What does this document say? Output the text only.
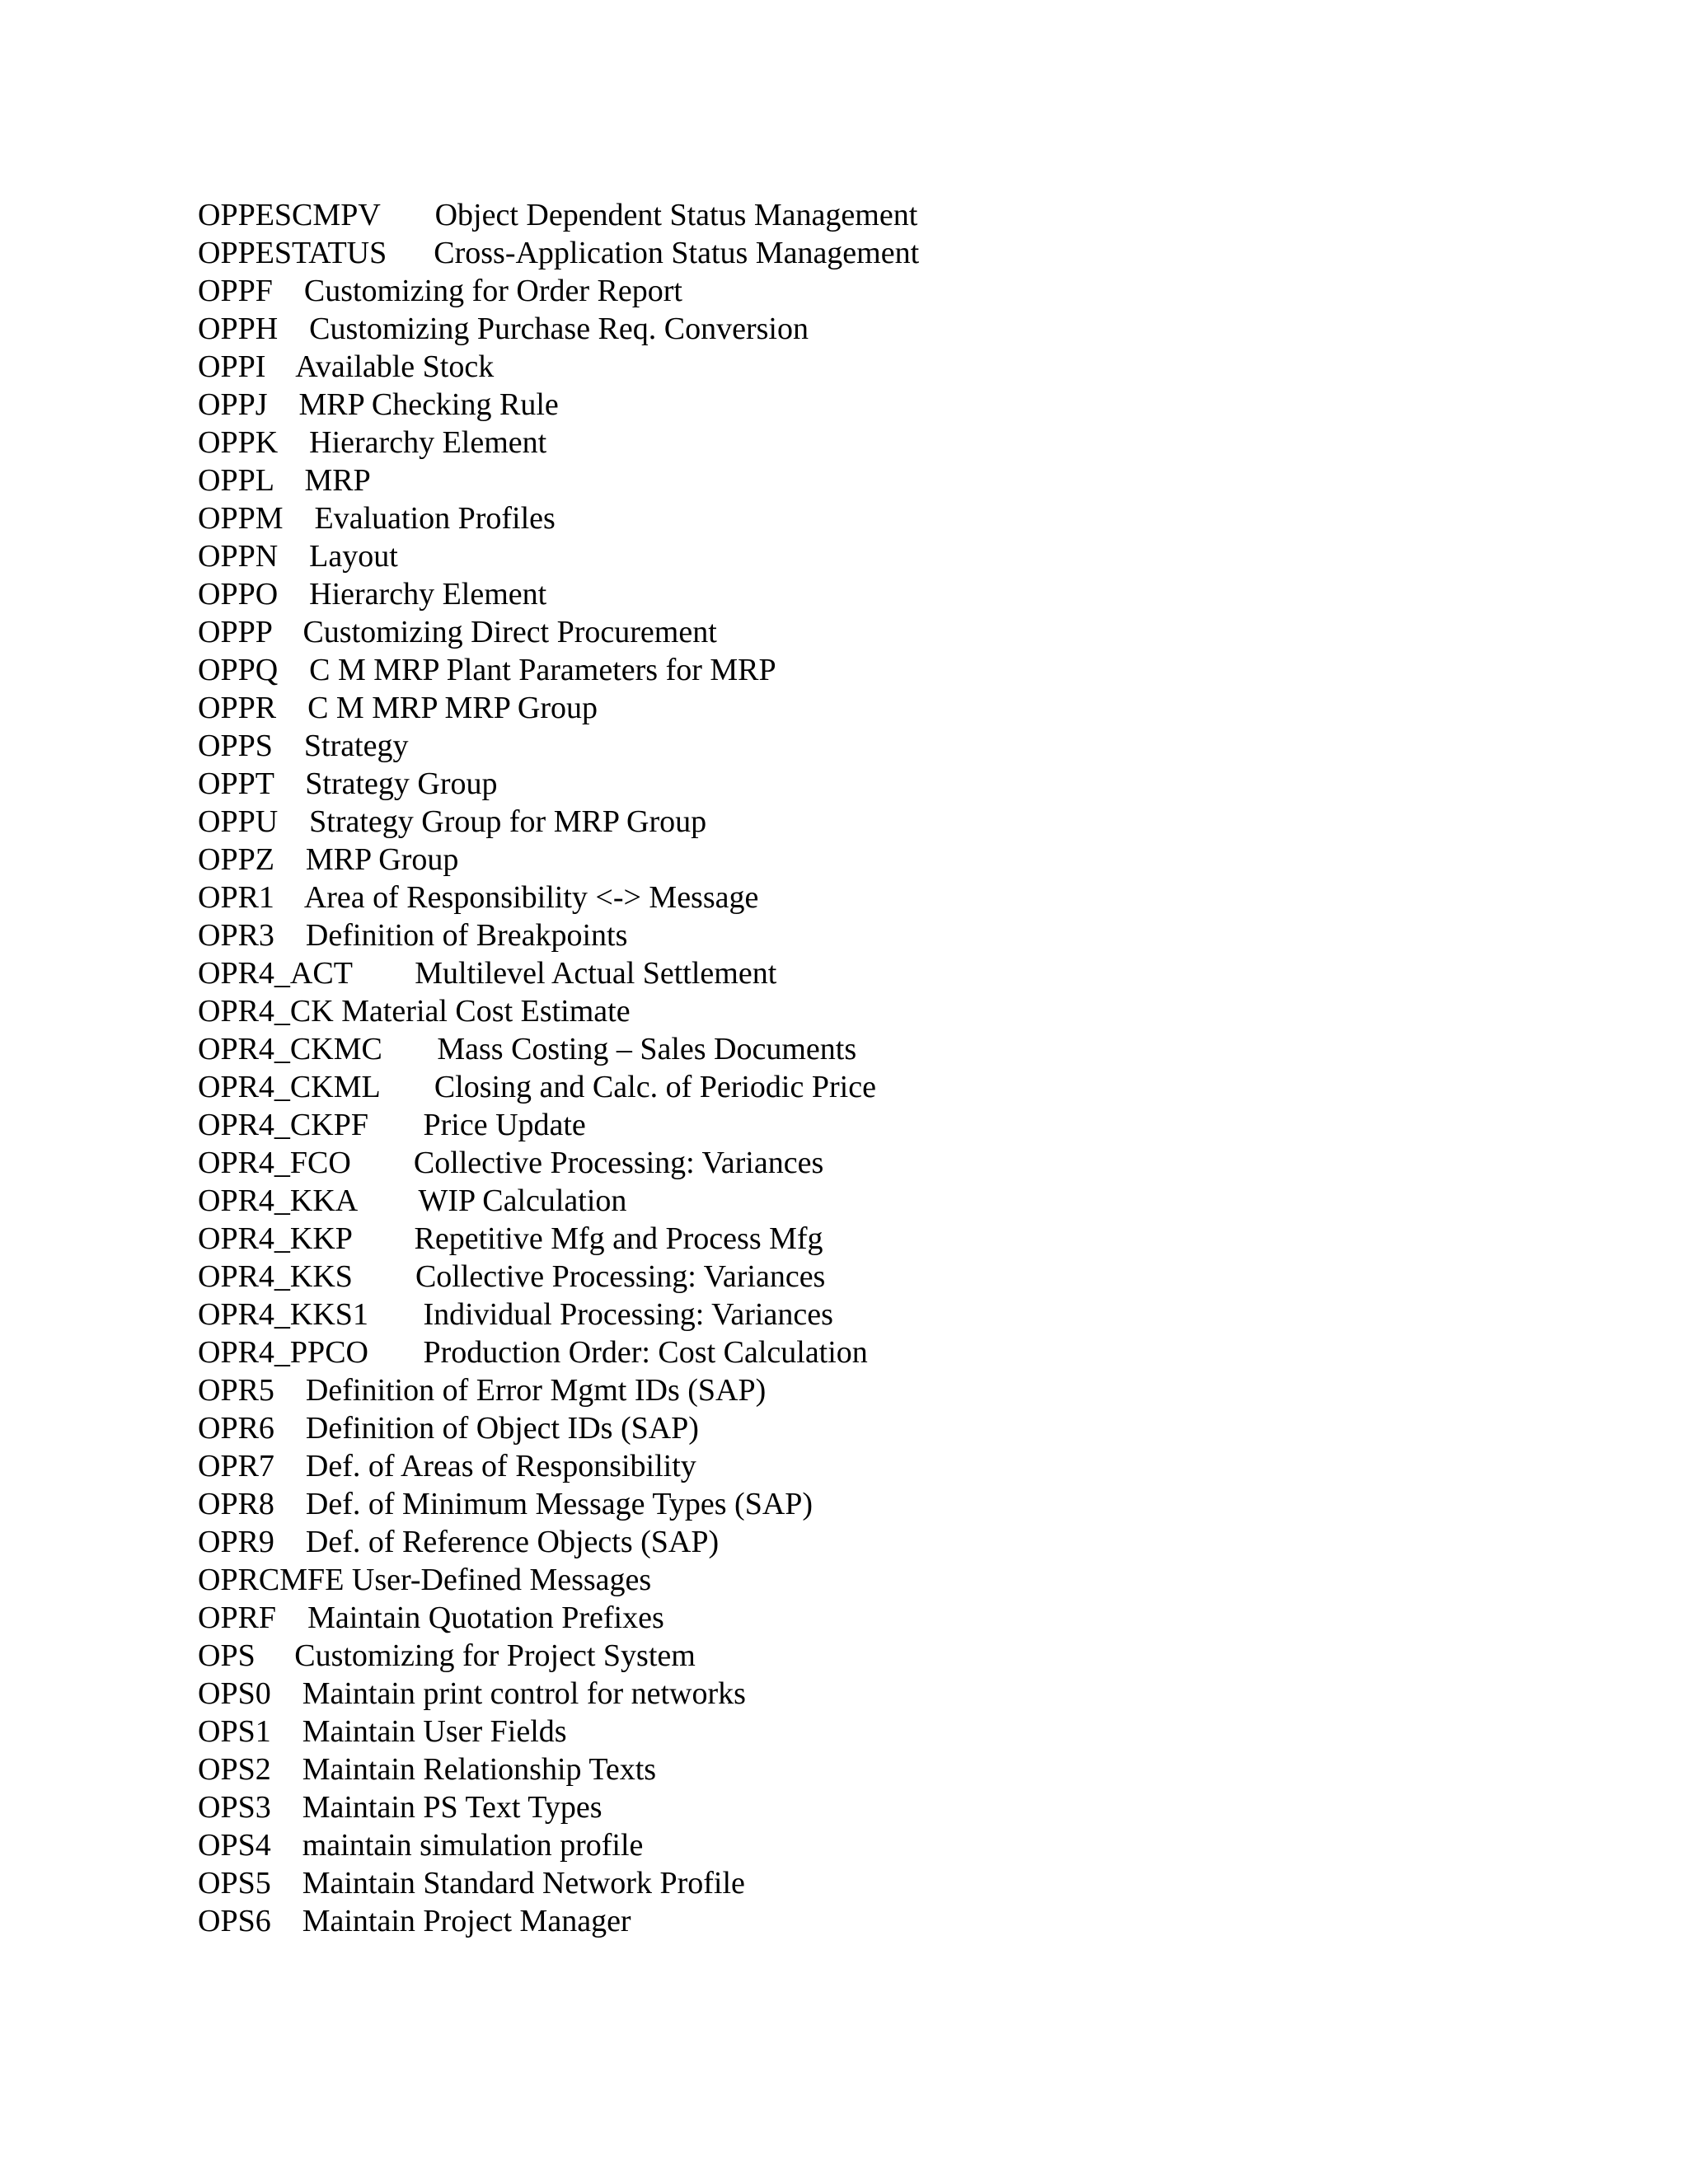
OPPESCMPV Object Dependent Status Management
OPPESTATUS Cross-Application Status Management
OPPF Customizing for Order Report
OPPH Customizing Purchase Req. Conversion
OPPI Available Stock
OPPJ MRP Checking Rule
OPPK Hierarchy Element
OPPL MRP
OPPM Evaluation Profiles
OPPN Layout
OPPO Hierarchy Element
OPPP Customizing Direct Procurement
OPPQ C M MRP Plant Parameters for MRP
OPPR C M MRP MRP Group
OPPS Strategy
OPPT Strategy Group
OPPU Strategy Group for MRP Group
OPPZ MRP Group
OPR1 Area of Responsibility <-> Message
OPR3 Definition of Breakpoints
OPR4_ACT Multilevel Actual Settlement
OPR4_CK Material Cost Estimate
OPR4_CKMC Mass Costing – Sales Documents
OPR4_CKML Closing and Calc. of Periodic Price
OPR4_CKPF Price Update
OPR4_FCO Collective Processing: Variances
OPR4_KKA WIP Calculation
OPR4_KKP Repetitive Mfg and Process Mfg
OPR4_KKS Collective Processing: Variances
OPR4_KKS1 Individual Processing: Variances
OPR4_PPCO Production Order: Cost Calculation
OPR5 Definition of Error Mgmt IDs (SAP)
OPR6 Definition of Object IDs (SAP)
OPR7 Def. of Areas of Responsibility
OPR8 Def. of Minimum Message Types (SAP)
OPR9 Def. of Reference Objects (SAP)
OPRCMFE User-Defined Messages
OPRF Maintain Quotation Prefixes
OPS Customizing for Project System
OPS0 Maintain print control for networks
OPS1 Maintain User Fields
OPS2 Maintain Relationship Texts
OPS3 Maintain PS Text Types
OPS4 maintain simulation profile
OPS5 Maintain Standard Network Profile
OPS6 Maintain Project Manager
